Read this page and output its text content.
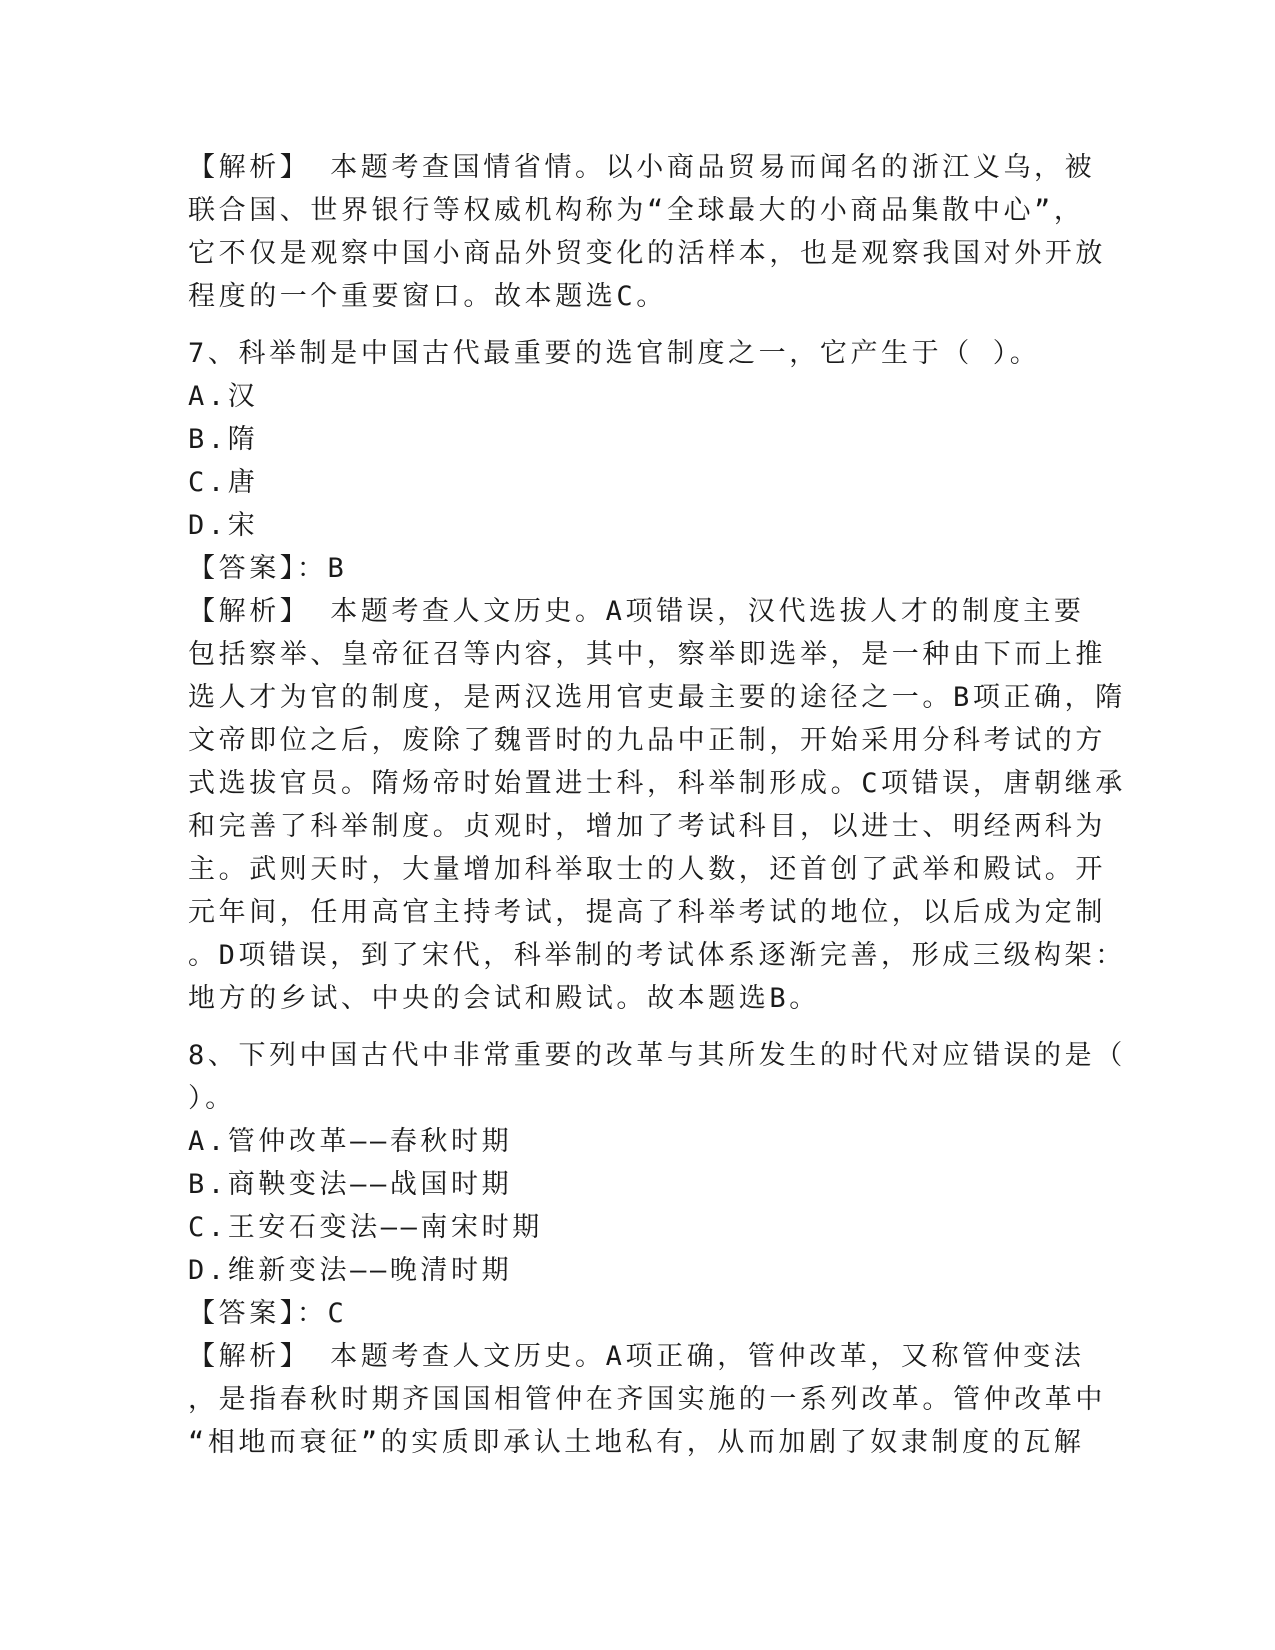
【解析】 本题考查国情省情。以小商品贸易而闻名的浙江义乌，被
联合国、世界银行等权威机构称为“全球最大的小商品集散中心”，
它不仅是观察中国小商品外贸变化的活样本，也是观察我国对外开放
程度的一个重要窗口。故本题选C。
7、科举制是中国古代最重要的选官制度之一，它产生于（ ）。
A.汉
B.隋
C.唐
D.宋
【答案】：B
【解析】 本题考查人文历史。A项错误，汉代选拔人才的制度主要
包括察举、皇帝征召等内容，其中，察举即选举，是一种由下而上推
选人才为官的制度，是两汉选用官吏最主要的途径之一。B项正确，隋
文帝即位之后，废除了魏晋时的九品中正制，开始采用分科考试的方
式选拔官员。隋炀帝时始置进士科，科举制形成。C项错误，唐朝继承
和完善了科举制度。贞观时，增加了考试科目，以进士、明经两科为
主。武则天时，大量增加科举取士的人数，还首创了武举和殿试。开
元年间，任用高官主持考试，提高了科举考试的地位，以后成为定制
。D项错误，到了宋代，科举制的考试体系逐渐完善，形成三级构架：
地方的乡试、中央的会试和殿试。故本题选B。
8、下列中国古代中非常重要的改革与其所发生的时代对应错误的是（
）。
A.管仲改革——春秋时期
B.商鞅变法——战国时期
C.王安石变法——南宋时期
D.维新变法——晚清时期
【答案】：C
【解析】 本题考查人文历史。A项正确，管仲改革，又称管仲变法
，是指春秋时期齐国国相管仲在齐国实施的一系列改革。管仲改革中
“相地而衰征”的实质即承认土地私有，从而加剧了奴隶制度的瓦解
